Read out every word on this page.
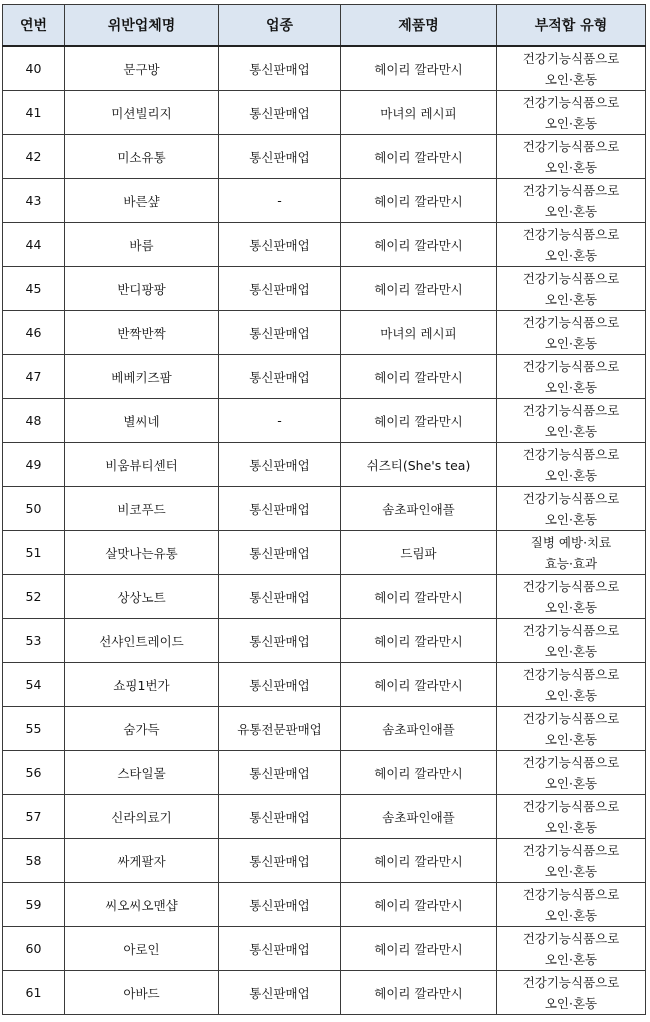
연번	위반업체명	업종	제품명	부적합 유형
40	문구방	통신판매업	헤이리 깔라만시	건강기능식품으로
오인·혼동

41	미션빌리지	통신판매업	마녀의 레시피	건강기능식품으로
오인·혼동

42	미소유통	통신판매업	헤이리 깔라만시	건강기능식품으로
오인·혼동

43	바른샾	-	헤이리 깔라만시	건강기능식품으로
오인·혼동

44	바름	통신판매업	헤이리 깔라만시	건강기능식품으로
오인·혼동

45	반디팡팡	통신판매업	헤이리 깔라만시	건강기능식품으로
오인·혼동

46	반짝반짝	통신판매업	마녀의 레시피	건강기능식품으로
오인·혼동

47	베베키즈팜	통신판매업	헤이리 깔라만시	건강기능식품으로
오인·혼동

48	별씨네	-	헤이리 깔라만시	건강기능식품으로
오인·혼동

49	비움뷰티센터	통신판매업	쉬즈티(She's tea)	건강기능식품으로
오인·혼동

50	비코푸드	통신판매업	솜초파인애플	건강기능식품으로
오인·혼동

51	살맛나는유통	통신판매업	드림파	질병 예방·치료
효능·효과

52	상상노트	통신판매업	헤이리 깔라만시	건강기능식품으로
오인·혼동

53	선샤인트레이드	통신판매업	헤이리 깔라만시	건강기능식품으로
오인·혼동

54	쇼핑1번가	통신판매업	헤이리 깔라만시	건강기능식품으로
오인·혼동

55	숨가득	유통전문판매업	솜초파인애플	건강기능식품으로
오인·혼동

56	스타일몰	통신판매업	헤이리 깔라만시	건강기능식품으로
오인·혼동

57	신라의료기	통신판매업	솜초파인애플	건강기능식품으로
오인·혼동

58	싸게팔자	통신판매업	헤이리 깔라만시	건강기능식품으로
오인·혼동

59	씨오씨오맨샵	통신판매업	헤이리 깔라만시	건강기능식품으로
오인·혼동

60	아로인	통신판매업	헤이리 깔라만시	건강기능식품으로
오인·혼동

61	아바드	통신판매업	헤이리 깔라만시	건강기능식품으로
오인·혼동
